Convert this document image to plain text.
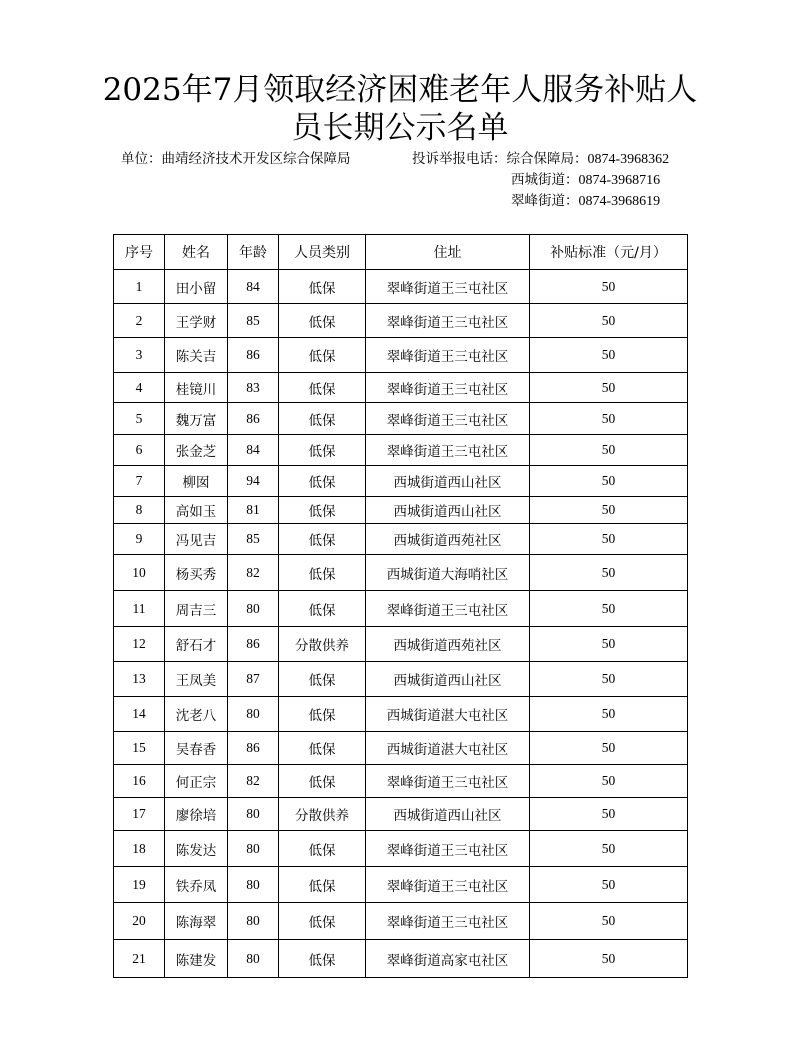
2025年7月领取经济困难老年人服务补贴人
员长期公示名单
单位：曲靖经济技术开发区综合保障局	投诉举报电话：综合保障局：0874-3968362
西城街道：0874-3968716
翠峰街道：0874-3968619
序号	姓名	年龄	人员类别	住址	补贴标准（元/月）
1	田小留	84	低保	翠峰街道王三屯社区	50
2	王学财	85	低保	翠峰街道王三屯社区	50
3	陈关吉	86	低保	翠峰街道王三屯社区	50
4	桂镜川	83	低保	翠峰街道王三屯社区	50
5	魏万富	86	低保	翠峰街道王三屯社区	50
6	张金芝	84	低保	翠峰街道王三屯社区	50
7	柳囡	94	低保	西城街道西山社区	50
8	高如玉	81	低保	西城街道西山社区	50
9	冯见吉	85	低保	西城街道西苑社区	50
10	杨买秀	82	低保	西城街道大海哨社区	50
11	周吉三	80	低保	翠峰街道王三屯社区	50
12	舒石才	86	分散供养	西城街道西苑社区	50
13	王凤美	87	低保	西城街道西山社区	50
14	沈老八	80	低保	西城街道湛大屯社区	50
15	吴春香	86	低保	西城街道湛大屯社区	50
16	何正宗	82	低保	翠峰街道王三屯社区	50
17	廖徐培	80	分散供养	西城街道西山社区	50
18	陈发达	80	低保	翠峰街道王三屯社区	50
19	铁乔凤	80	低保	翠峰街道王三屯社区	50
20	陈海翠	80	低保	翠峰街道王三屯社区	50
21	陈建发	80	低保	翠峰街道高家屯社区	50
